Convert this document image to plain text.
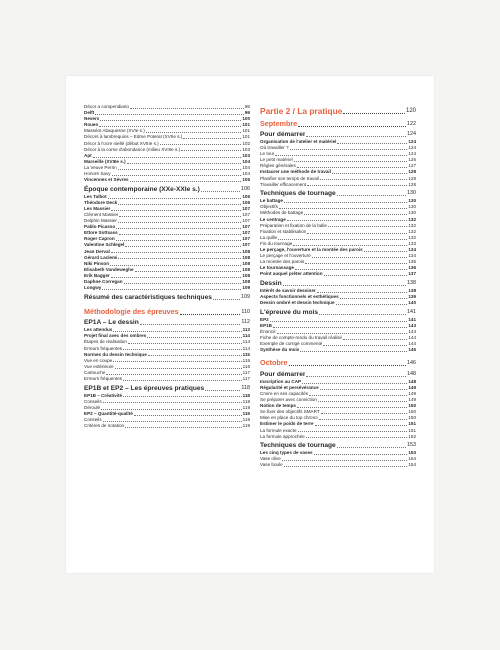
Décor a compendiario	98
Delft	99
Nevers	100
Rouen	101
Masséot Abaquesne (XVIe s.)	101
Décors à lambrequins – Edme Poterat (XVIIe s.)	101
Décor à l'ocre niellé (début XVIIIe s.)	102
Décor à la corne d'abondance (milieu XVIIIe s.)	103
Apt	103
Marseille (XVIIIe s.)	104
La Veuve Perrin	104
Honoré Savy	104
Vincennes et Sèvres	105
Époque contemporaine (XXe-XXIe s.)	106
Les Talbot	106
Théodore Deck	106
Les Massier	107
Clément Massier	107
Delphin Massier	107
Pablo Picasso	107
Ettore Sottsass	107
Roger Capron	107
Valentine Schlegel	107
Jean Derval	108
Gérard Laclemi	108
Niki Pinson	108
Elisabeth Vandeweghe	108
Erik Bagger	108
Daphne Corregan	108
Longwy	109
Résumé des caractéristiques techniques	109
Méthodologie des épreuves	110
EP1A – Le dessin	112
Les attendus	113
Projet final avec des ombres	114
Étapes de réalisation	114
Erreurs fréquentes	114
Normes du dessin technique	115
Vue en coupe	115
Vue extérieure	116
Cartouche	117
Erreurs fréquentes	117
EP1B et EP2 – Les épreuves pratiques	118
EP1B – Créativité	118
Conseils	118
Déroulé	119
EP2 – Quantité-qualité	119
Conseils	119
Critères de notation	119
Partie 2 / La pratique	120
Septembre	122
Pour démarrer	124
Organisation de l'atelier et matériel	124
Où travailler ?	124
Le tour	124
Le petit matériel	126
Règles générales	127
Instaurer une méthode de travail	128
Planifier son temps de travail	128
Travailler efficacement	128
Techniques de tournage	130
Le battage	130
Objectifs	130
Méthodes de battage	130
Le centrage	132
Préparation et fixation de la balle	132
Fixation et stabilisation	132
La quille	132
Fin du tournage	133
Le perçage, l'ouverture et la montée des parois	134
Le perçage et l'ouverture	134
La montée des parois	135
Le tournassage	136
Point auquel prêter attention	137
Dessin	138
Intérêt de savoir dessiner	138
Aspects fonctionnels et esthétiques	139
Dessin ombré et dessin technique	140
L'épreuve du mois	141
EP2	141
EP1B	143
Énoncé	143
Fiche de compte-rendu du travail réalisé	144
Exemple de corrigé commenté	144
Synthèse du mois	145
Octobre	146
Pour démarrer	148
Inscription au CAP	148
Régularité et persévérance	149
Croire en ses capacités	149
Se préparer avec conviction	149
Notion de temps	150
Se fixer des objectifs SMART	150
Mise en place du top chrono	150
Estimer le poids de terre	151
La formule exacte	151
La formule approchée	152
Techniques de tournage	153
Les cinq types de vases	153
Vase olive	154
Vase boule	154
